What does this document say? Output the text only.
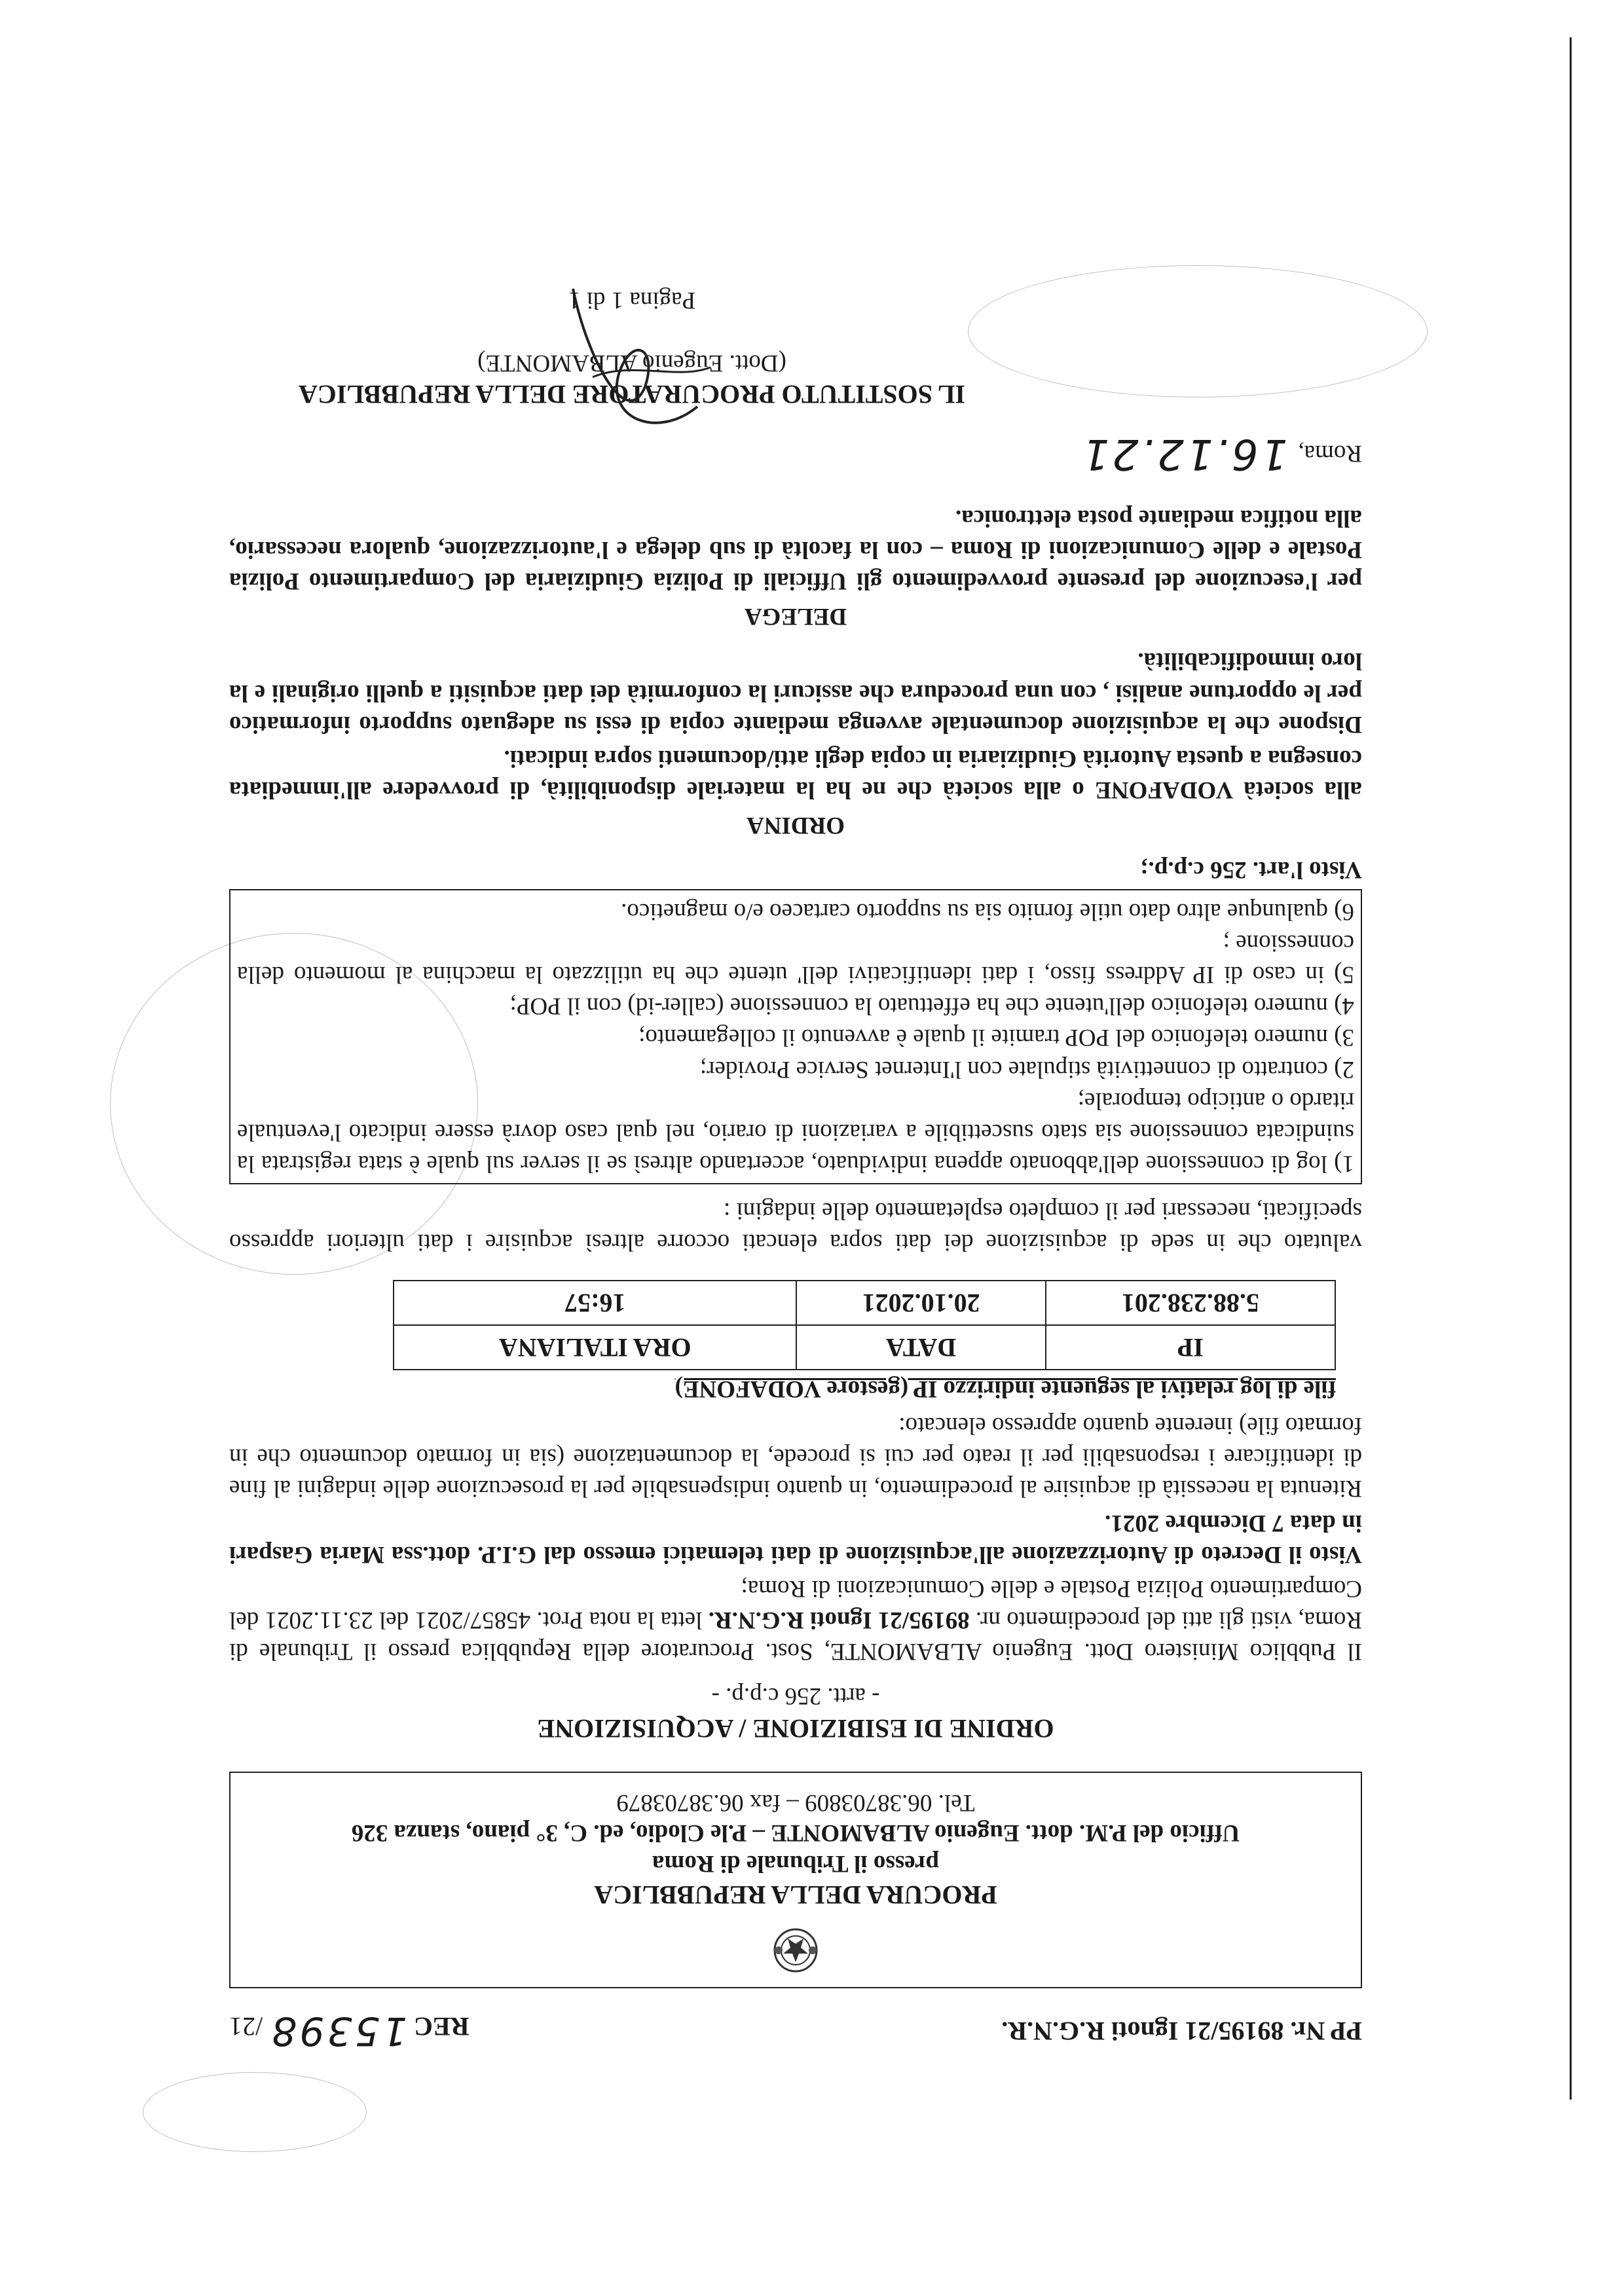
PP Nr. 89195/21 Ignoti R.G.N.R.
REC 15398 /21
PROCURA DELLA REPUBBLICA
presso il Tribunale di Roma
Ufficio del P.M. dott. Eugenio ALBAMONTE – P.le Clodio, ed. C, 3° piano, stanza 326
Tel. 06.38703809 – fax 06.38703879
ORDINE DI ESIBIZIONE / ACQUISIZIONE
- artt. 256 c.p.p. -

Il Pubblico Ministero Dott. Eugenio ALBAMONTE, Sost. Procuratore della Repubblica presso il Tribunale di Roma, visti gli atti del procedimento nr. 89195/21 Ignoti R.G.N.R. letta la nota Prot. 45857/2021 del 23.11.2021 del Compartimento Polizia Postale e delle Comunicazioni di Roma;

Visto il Decreto di Autorizzazione all'acquisizione di dati telematici emesso dal G.I.P. dott.ssa Maria Gaspari in data 7 Dicembre 2021.

Ritenuta la necessità di acquisire al procedimento, in quanto indispensabile per la prosecuzione delle indagini al fine di identificare i responsabili per il reato per cui si procede, la documentazione (sia in formato documento che in formato file) inerente quanto appresso elencato:

file di log relativi al seguente indirizzo IP (gestore VODAFONE)

IP	DATA	ORA ITALIANA
5.88.238.201	20.10.2021	16:57

valutato che in sede di acquisizione dei dati sopra elencati occorre altresì acquisire i dati ulteriori appresso specificati, necessari per il completo espletamento delle indagini :

1) log di connessione dell'abbonato appena individuato, accertando altresì se il server sul quale è stata registrata la suindicata connessione sia stato suscettibile a variazioni di orario, nel qual caso dovrà essere indicato l'eventuale ritardo o anticipo temporale;

2) contratto di connettività stipulate con l'Internet Service Provider;

3) numero telefonico del POP tramite il quale è avvenuto il collegamento;

4) numero telefonico dell'utente che ha effettuato la connessione (caller-id) con il POP;

5) in caso di IP Address fisso, i dati identificativi dell' utente che ha utilizzato la macchina al momento della connessione ;

6) qualunque altro dato utile fornito sia su supporto cartaceo e/o magnetico.

Visto l'art. 256 c.p.p.;

ORDINA

alla società VODAFONE o alla società che ne ha la materiale disponibilità, di provvedere all'immediata consegna a questa Autorità Giudiziaria in copia degli atti/documenti sopra indicati.

Dispone che la acquisizione documentale avvenga mediante copia di essi su adeguato supporto informatico per le opportune analisi , con una procedura che assicuri la conformità dei dati acquisiti a quelli originali e la loro immodificabilità.

DELEGA

per l'esecuzione del presente provvedimento gli Ufficiali di Polizia Giudiziaria del Compartimento Polizia Postale e delle Comunicazioni di Roma – con la facoltà di sub delega e l'autorizzazione, qualora necessario, alla notifica mediante posta elettronica.

Roma,
16.12.21
IL SOSTITUTO PROCURATORE DELLA REPUBBLICA
(Dott. Eugenio ALBAMONTE)
Pagina 1 di 1
